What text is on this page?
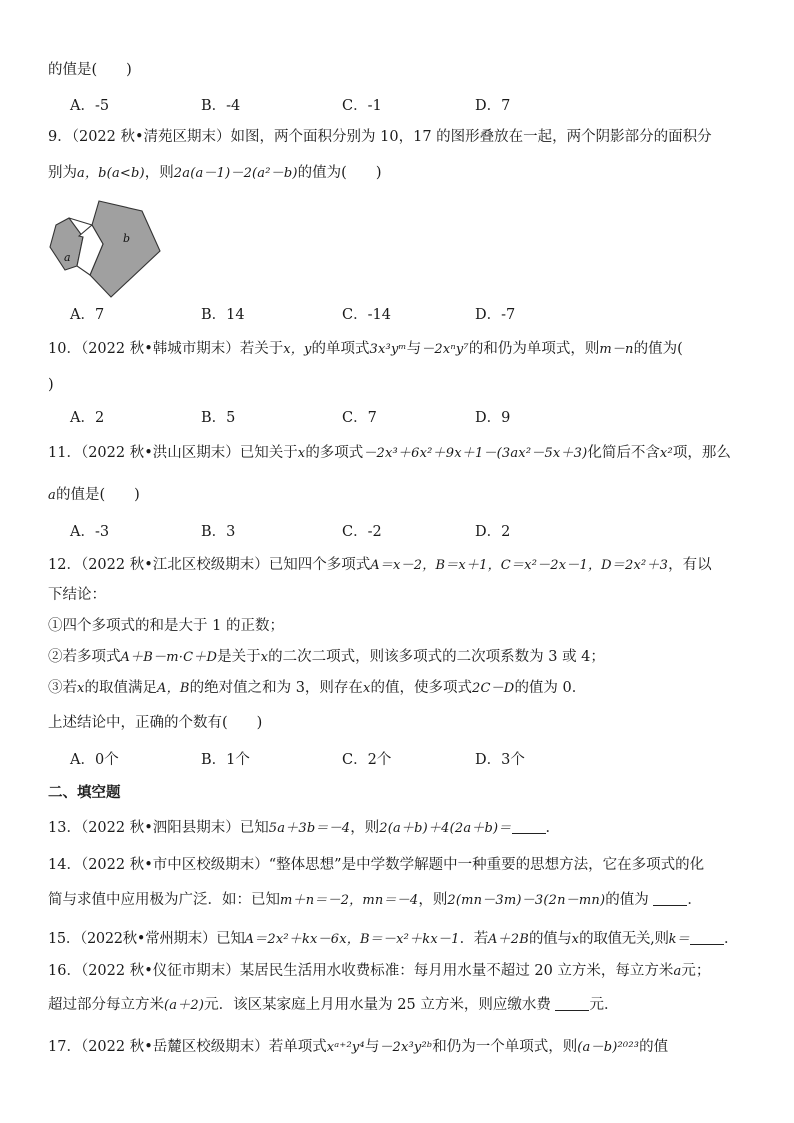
的值是(　　)
A．-5	B．-4	C．-1	D．7
9．（2022 秋•清苑区期末）如图，两个面积分别为 10，17 的图形叠放在一起，两个阴影部分的面积分
别为a，b(a<b)，则2a(a－1)－2(a²－b)的值为(　　)
a
b
A．7	B．14	C．-14	D．-7
10．（2022 秋•韩城市期末）若关于x，y的单项式3x³yᵐ与－2xⁿy⁷的和仍为单项式，则m－n的值为(
)
A．2	B．5	C．7	D．9
11．（2022 秋•洪山区期末）已知关于x的多项式－2x³＋6x²＋9x＋1－(3ax²－5x＋3)化简后不含x²项，那么
a的值是(　　)
A．-3	B．3	C．-2	D．2
12．（2022 秋•江北区校级期末）已知四个多项式A＝x－2，B＝x＋1，C＝x²－2x－1，D＝2x²＋3，有以
下结论：
①四个多项式的和是大于 1 的正数；
②若多项式A＋B－m·C＋D是关于x的二次二项式，则该多项式的二次项系数为 3 或 4；
③若x的取值满足A，B的绝对值之和为 3，则存在x的值，使多项式2C－D的值为 0．
上述结论中，正确的个数有(　　)
A．0个	B．1个	C．2个	D．3个
二、填空题
13．（2022 秋•泗阳县期末）已知5a＋3b＝－4，则2(a＋b)＋4(2a＋b)＝ ．
14．（2022 秋•市中区校级期末）“整体思想”是中学数学解题中一种重要的思想方法，它在多项式的化
简与求值中应用极为广泛．如：已知m＋n＝－2，mn＝－4，则2(mn－3m)－3(2n－mn)的值为 ．
15．（2022秋•常州期末）已知A＝2x²＋kx－6x，B＝－x²＋kx－1．若A＋2B的值与x的取值无关,则k＝ ．
16．（2022 秋•仪征市期末）某居民生活用水收费标准：每月用水量不超过 20 立方米，每立方米a元；
超过部分每立方米(a＋2)元．该区某家庭上月用水量为 25 立方米，则应缴水费 元．
17．（2022 秋•岳麓区校级期末）若单项式xᵃ⁺²y⁴与－2x³y²ᵇ和仍为一个单项式，则(a－b)²⁰²³的值
